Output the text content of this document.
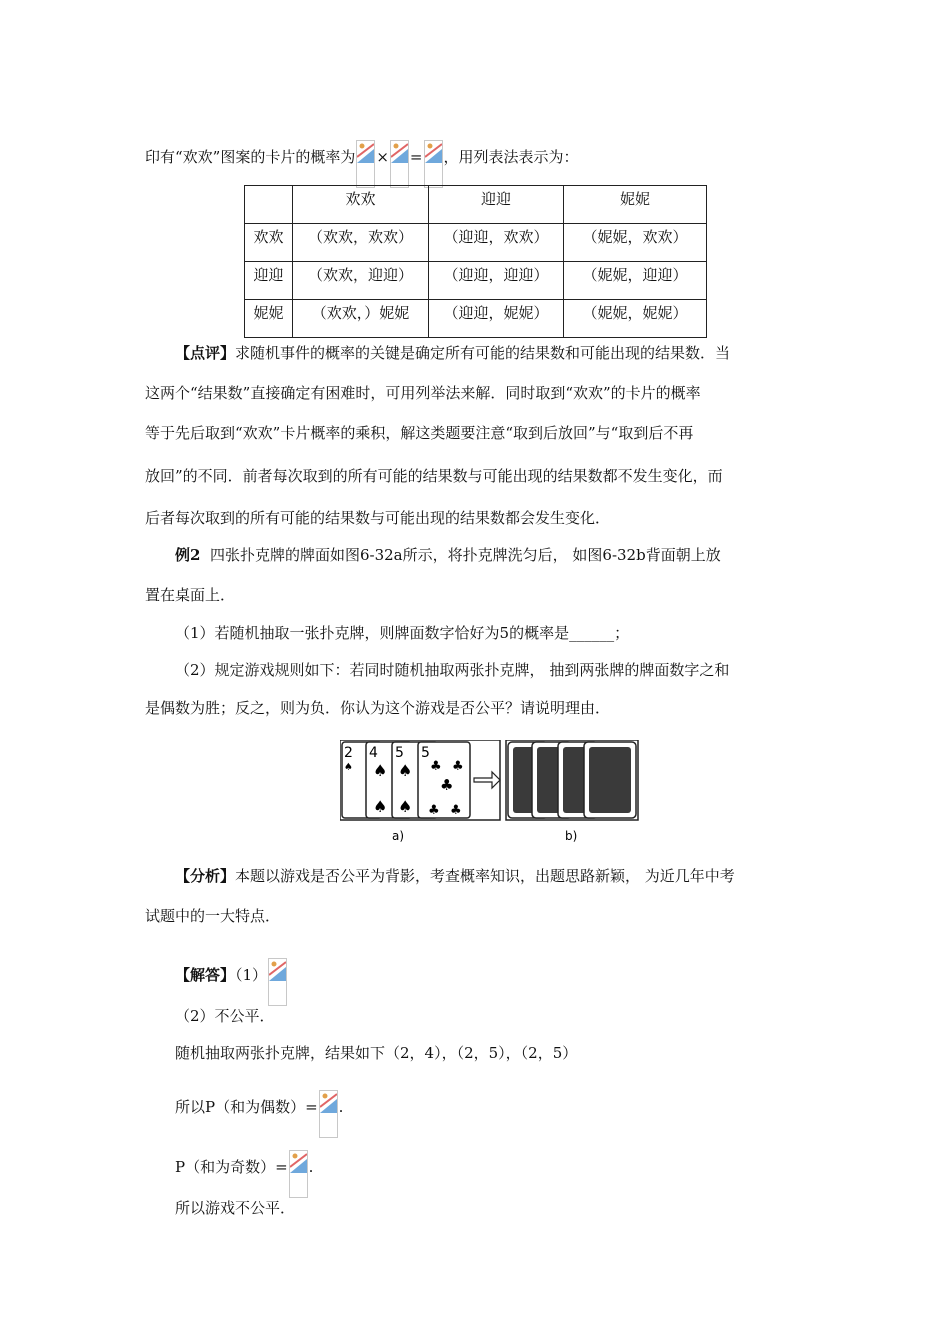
印有“欢欢”图案的卡片的概率为 × = ，用列表法表示为：
	欢欢	迎迎	妮妮
欢欢	（欢欢，欢欢）	（迎迎，欢欢）	（妮妮，欢欢）
迎迎	（欢欢，迎迎）	（迎迎，迎迎）	（妮妮，迎迎）
妮妮	（欢欢，）妮妮	（迎迎，妮妮）	（妮妮，妮妮）
【点评】求随机事件的概率的关键是确定所有可能的结果数和可能出现的结果数．当
这两个“结果数”直接确定有困难时，可用列举法来解．同时取到“欢欢”的卡片的概率
等于先后取到“欢欢”卡片概率的乘积，解这类题要注意“取到后放回”与“取到后不再
放回”的不同．前者每次取到的所有可能的结果数与可能出现的结果数都不发生变化，而
后者每次取到的所有可能的结果数与可能出现的结果数都会发生变化．
例2 四张扑克牌的牌面如图6-32a所示，将扑克牌洗匀后， 如图6-32b背面朝上放
置在桌面上．
（1）若随机抽取一张扑克牌，则牌面数字恰好为5的概率是______；
（2）规定游戏规则如下：若同时随机抽取两张扑克牌， 抽到两张牌的牌面数字之和
是偶数为胜；反之，则为负．你认为这个游戏是否公平？请说明理由．
2
♠
4
♠
♠
5
♠
♠
5
♣ ♣
♣
♣ ♣
a)	b)
【分析】本题以游戏是否公平为背影，考查概率知识，出题思路新颖， 为近几年中考
试题中的一大特点．
【解答】（1）
（2）不公平．
随机抽取两张扑克牌，结果如下（2，4），（2，5），（2，5）
所以P（和为偶数）= .
P（和为奇数）= .
所以游戏不公平．
